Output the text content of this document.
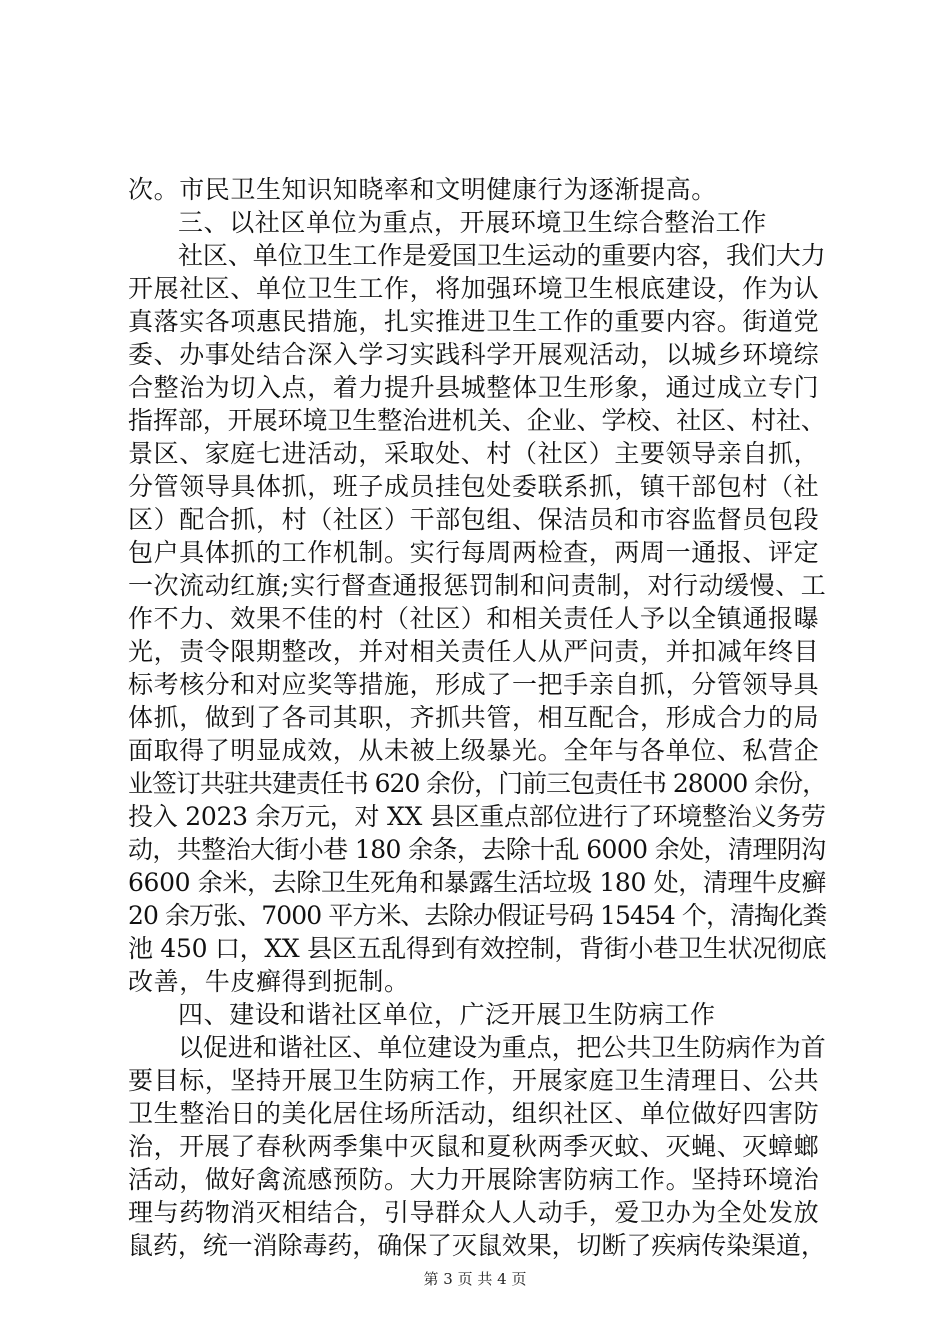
次。市民卫生知识知晓率和文明健康行为逐渐提高。
三、以社区单位为重点，开展环境卫生综合整治工作
社区、单位卫生工作是爱国卫生运动的重要内容，我们大力
开展社区、单位卫生工作，将加强环境卫生根底建设，作为认
真落实各项惠民措施，扎实推进卫生工作的重要内容。街道党
委、办事处结合深入学习实践科学开展观活动，以城乡环境综
合整治为切入点，着力提升县城整体卫生形象，通过成立专门
指挥部，开展环境卫生整治进机关、企业、学校、社区、村社、
景区、家庭七进活动，采取处、村（社区）主要领导亲自抓，
分管领导具体抓，班子成员挂包处委联系抓，镇干部包村（社
区）配合抓，村（社区）干部包组、保洁员和市容监督员包段
包户具体抓的工作机制。实行每周两检查，两周一通报、评定
一次流动红旗;实行督查通报惩罚制和问责制，对行动缓慢、工
作不力、效果不佳的村（社区）和相关责任人予以全镇通报曝
光，责令限期整改，并对相关责任人从严问责，并扣减年终目
标考核分和对应奖等措施，形成了一把手亲自抓，分管领导具
体抓，做到了各司其职，齐抓共管，相互配合，形成合力的局
面取得了明显成效，从未被上级暴光。全年与各单位、私营企
业签订共驻共建责任书 620 余份，门前三包责任书 28000 余份，
投入 2023 余万元，对 XX 县区重点部位进行了环境整治义务劳
动，共整治大街小巷 180 余条，去除十乱 6000 余处，清理阴沟
6600 余米，去除卫生死角和暴露生活垃圾 180 处，清理牛皮癣
20 余万张、7000 平方米、去除办假证号码 15454 个，清掏化粪
池 450 口，XX 县区五乱得到有效控制，背街小巷卫生状况彻底
改善，牛皮癣得到扼制。
四、建设和谐社区单位，广泛开展卫生防病工作
以促进和谐社区、单位建设为重点，把公共卫生防病作为首
要目标，坚持开展卫生防病工作，开展家庭卫生清理日、公共
卫生整治日的美化居住场所活动，组织社区、单位做好四害防
治，开展了春秋两季集中灭鼠和夏秋两季灭蚊、灭蝇、灭蟑螂
活动，做好禽流感预防。大力开展除害防病工作。坚持环境治
理与药物消灭相结合，引导群众人人动手，爱卫办为全处发放
鼠药，统一消除毒药，确保了灭鼠效果，切断了疾病传染渠道，
第 3 页 共 4 页
